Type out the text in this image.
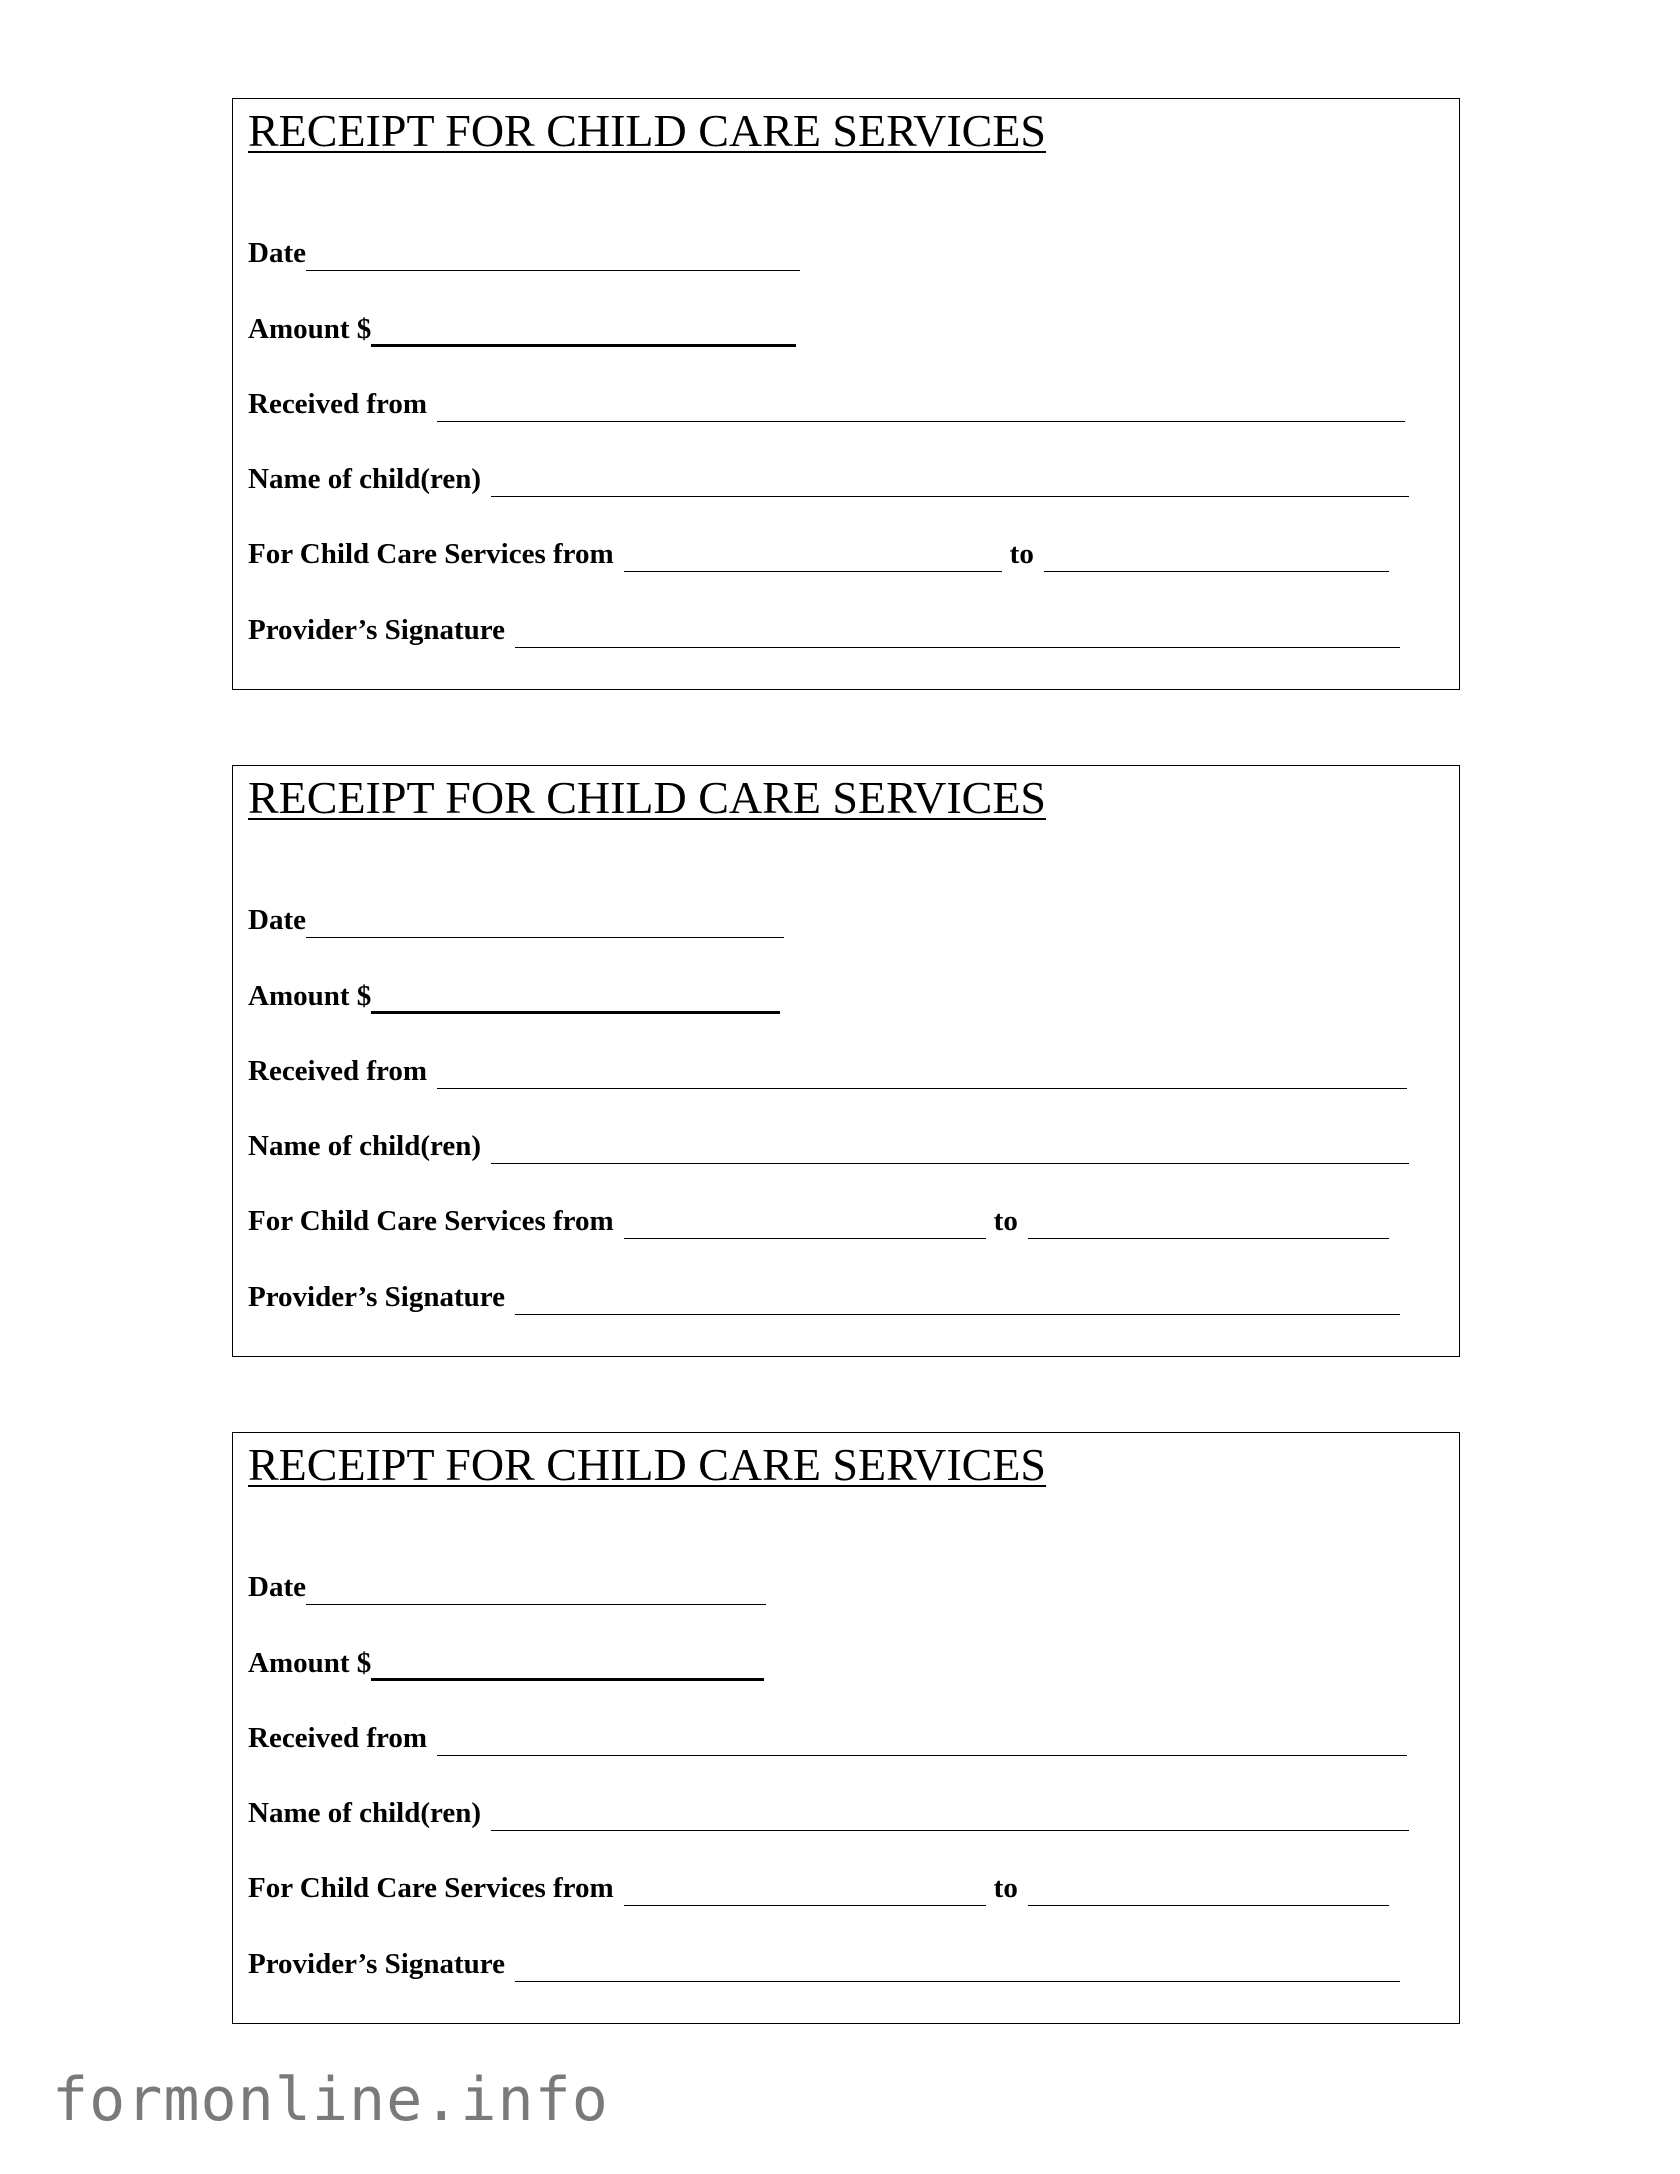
RECEIPT FOR CHILD CARE SERVICES
Date
Amount $
Received from
Name of child(ren)
For Child Care Services from	to
Provider’s Signature
RECEIPT FOR CHILD CARE SERVICES
Date
Amount $
Received from
Name of child(ren)
For Child Care Services from	to
Provider’s Signature
RECEIPT FOR CHILD CARE SERVICES
Date
Amount $
Received from
Name of child(ren)
For Child Care Services from	to
Provider’s Signature
formonline.info
